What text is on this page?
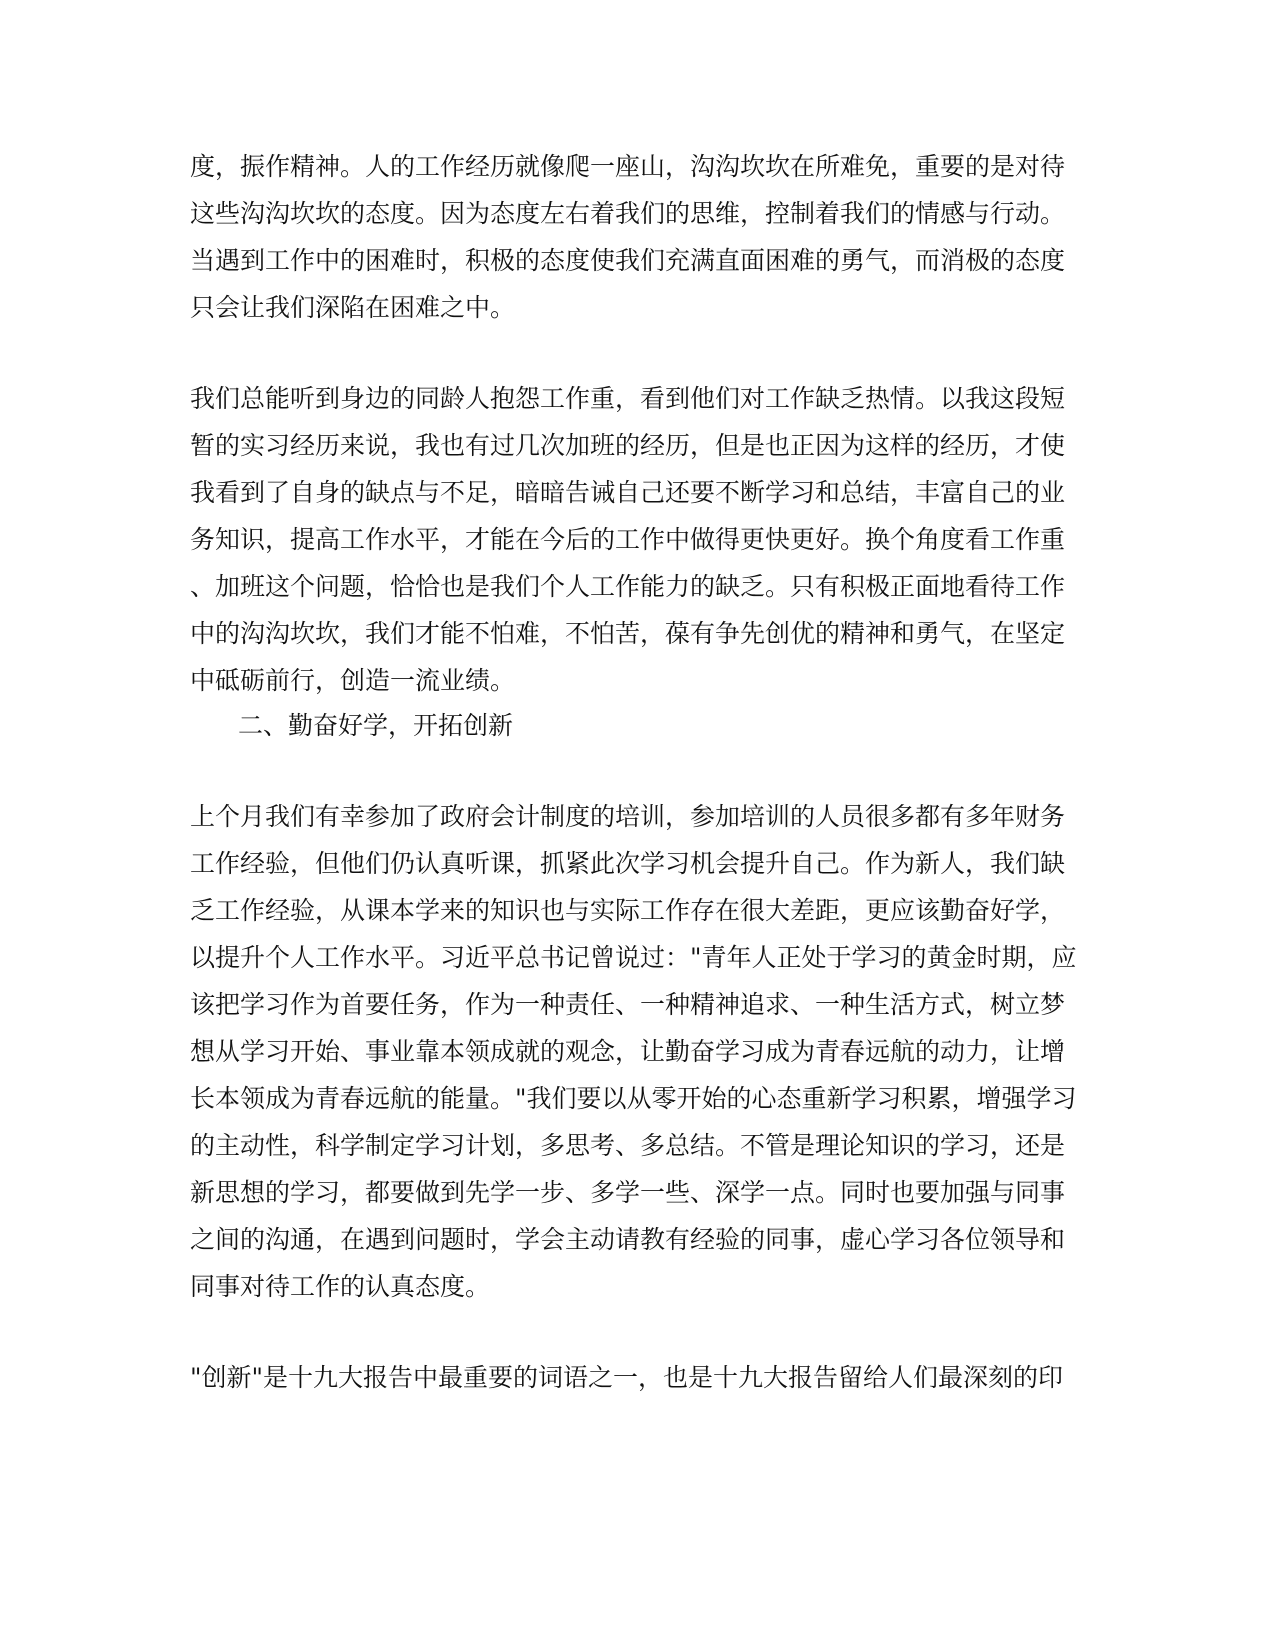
度，振作精神。人的工作经历就像爬一座山，沟沟坎坎在所难免，重要的是对待
这些沟沟坎坎的态度。因为态度左右着我们的思维，控制着我们的情感与行动。
当遇到工作中的困难时，积极的态度使我们充满直面困难的勇气，而消极的态度
只会让我们深陷在困难之中。
我们总能听到身边的同龄人抱怨工作重，看到他们对工作缺乏热情。以我这段短
暂的实习经历来说，我也有过几次加班的经历，但是也正因为这样的经历，才使
我看到了自身的缺点与不足，暗暗告诫自己还要不断学习和总结，丰富自己的业
务知识，提高工作水平，才能在今后的工作中做得更快更好。换个角度看工作重
、加班这个问题，恰恰也是我们个人工作能力的缺乏。只有积极正面地看待工作
中的沟沟坎坎，我们才能不怕难，不怕苦，葆有争先创优的精神和勇气，在坚定
中砥砺前行，创造一流业绩。
二、勤奋好学，开拓创新
上个月我们有幸参加了政府会计制度的培训，参加培训的人员很多都有多年财务
工作经验，但他们仍认真听课，抓紧此次学习机会提升自己。作为新人，我们缺
乏工作经验，从课本学来的知识也与实际工作存在很大差距，更应该勤奋好学，
以提升个人工作水平。习近平总书记曾说过："青年人正处于学习的黄金时期，应
该把学习作为首要任务，作为一种责任、一种精神追求、一种生活方式，树立梦
想从学习开始、事业靠本领成就的观念，让勤奋学习成为青春远航的动力，让增
长本领成为青春远航的能量。"我们要以从零开始的心态重新学习积累，增强学习
的主动性，科学制定学习计划，多思考、多总结。不管是理论知识的学习，还是
新思想的学习，都要做到先学一步、多学一些、深学一点。同时也要加强与同事
之间的沟通，在遇到问题时，学会主动请教有经验的同事，虚心学习各位领导和
同事对待工作的认真态度。
"创新"是十九大报告中最重要的词语之一，也是十九大报告留给人们最深刻的印
